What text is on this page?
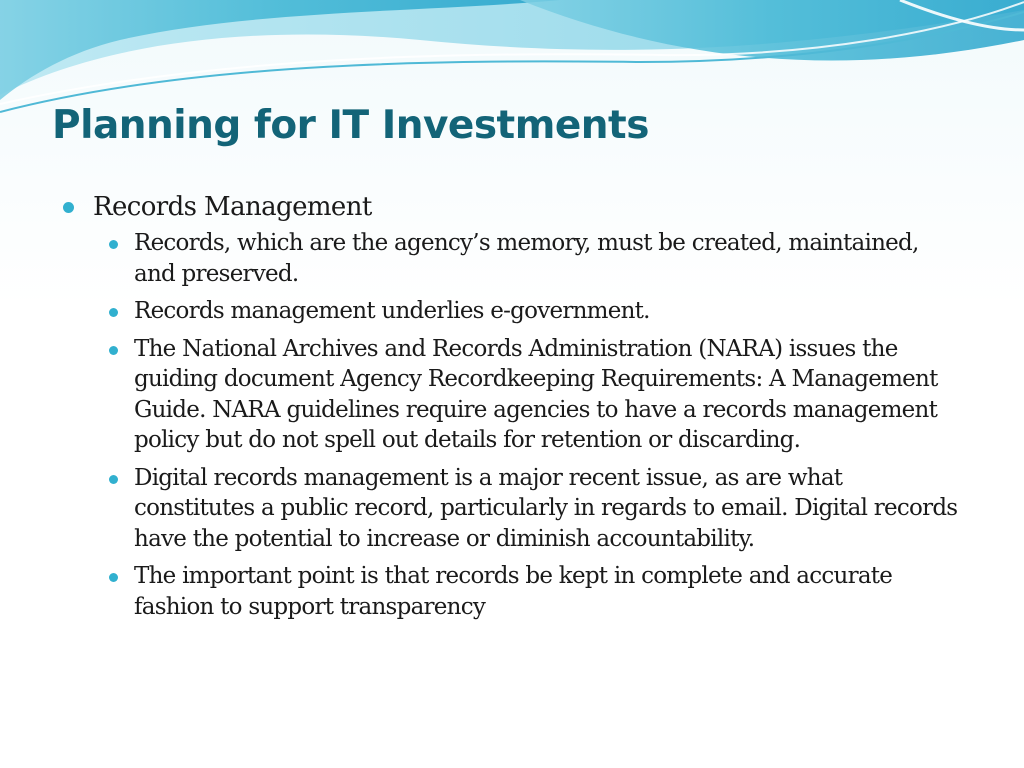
Planning for IT Investments
Records Management
Records, which are the agency’s memory, must be created, maintained, and preserved.
Records management underlies e-government.
The National Archives and Records Administration (NARA) issues the guiding document Agency Recordkeeping Requirements: A Management Guide. NARA guidelines require agencies to have a records management policy but do not spell out details for retention or discarding.
Digital records management is a major recent issue, as are what constitutes a public record, particularly in regards to email. Digital records have the potential to increase or diminish accountability.
The important point is that records be kept in complete and accurate fashion to support transparency
